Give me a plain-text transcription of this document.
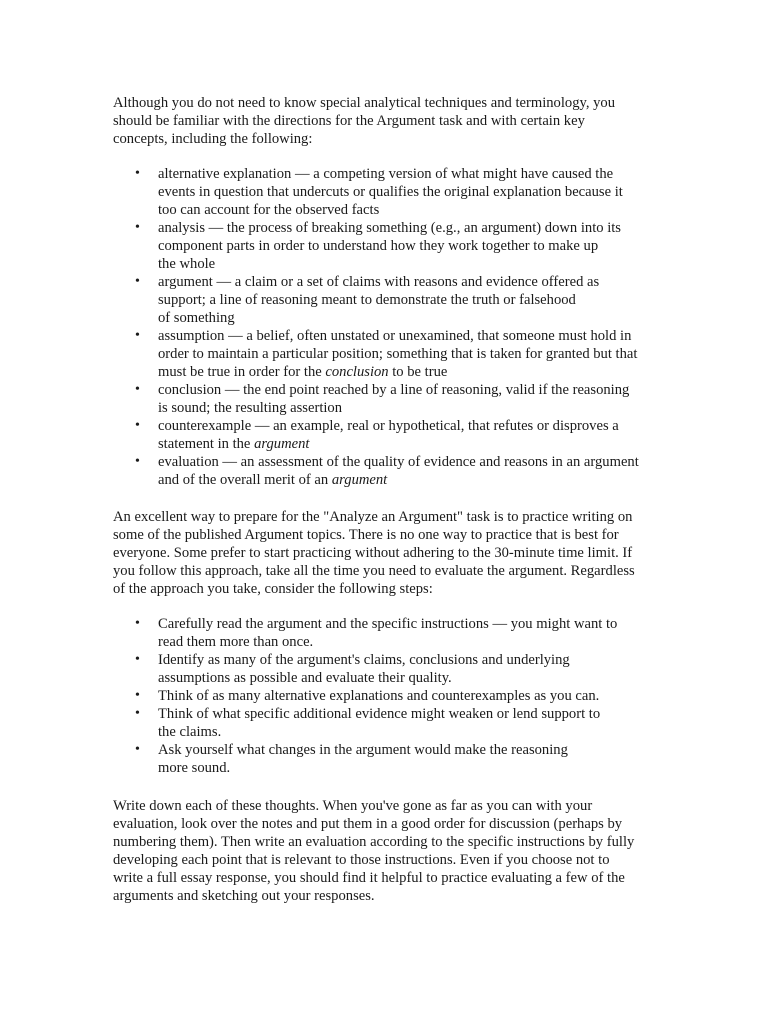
Although you do not need to know special analytical techniques and terminology, you
should be familiar with the directions for the Argument task and with certain key
concepts, including the following:

• alternative explanation — a competing version of what might have caused the
events in question that undercuts or qualifies the original explanation because it
too can account for the observed facts
• analysis — the process of breaking something (e.g., an argument) down into its
component parts in order to understand how they work together to make up
the whole
• argument — a claim or a set of claims with reasons and evidence offered as
support; a line of reasoning meant to demonstrate the truth or falsehood
of something
• assumption — a belief, often unstated or unexamined, that someone must hold in
order to maintain a particular position; something that is taken for granted but that
must be true in order for the conclusion to be true
• conclusion — the end point reached by a line of reasoning, valid if the reasoning
is sound; the resulting assertion
• counterexample — an example, real or hypothetical, that refutes or disproves a
statement in the argument
• evaluation — an assessment of the quality of evidence and reasons in an argument
and of the overall merit of an argument

An excellent way to prepare for the "Analyze an Argument" task is to practice writing on
some of the published Argument topics. There is no one way to practice that is best for
everyone. Some prefer to start practicing without adhering to the 30-minute time limit. If
you follow this approach, take all the time you need to evaluate the argument. Regardless
of the approach you take, consider the following steps:

• Carefully read the argument and the specific instructions — you might want to
read them more than once.
• Identify as many of the argument's claims, conclusions and underlying
assumptions as possible and evaluate their quality.
• Think of as many alternative explanations and counterexamples as you can.
• Think of what specific additional evidence might weaken or lend support to
the claims.
• Ask yourself what changes in the argument would make the reasoning
more sound.

Write down each of these thoughts. When you've gone as far as you can with your
evaluation, look over the notes and put them in a good order for discussion (perhaps by
numbering them). Then write an evaluation according to the specific instructions by fully
developing each point that is relevant to those instructions. Even if you choose not to
write a full essay response, you should find it helpful to practice evaluating a few of the
arguments and sketching out your responses.
